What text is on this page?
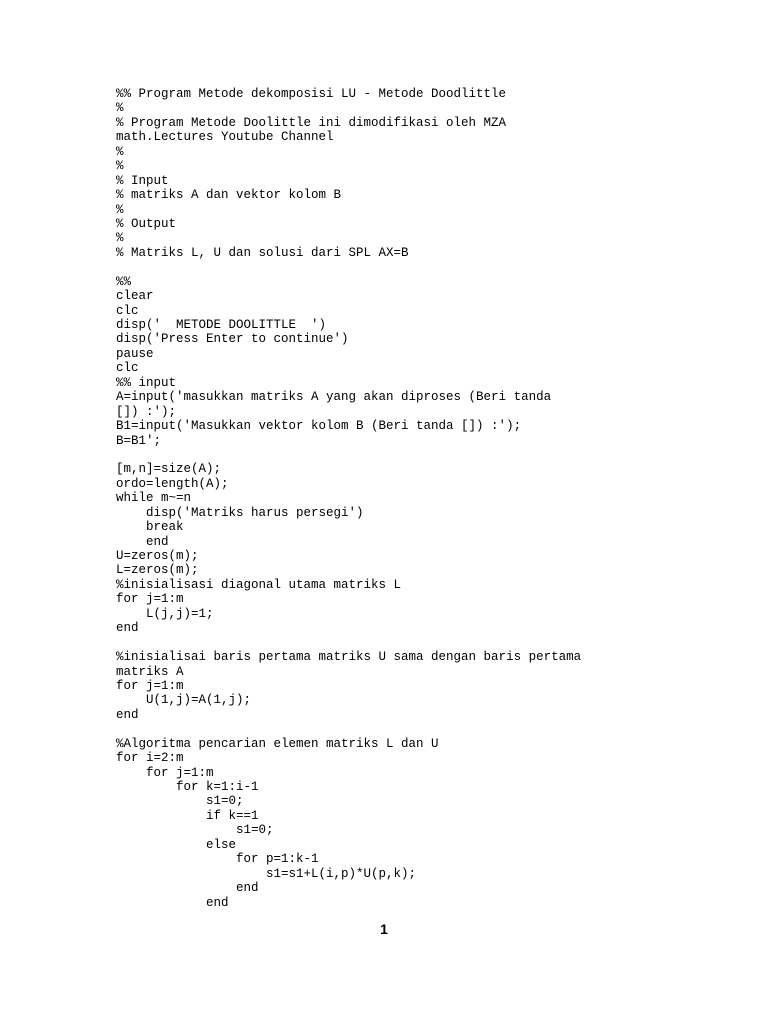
%% Program Metode dekomposisi LU - Metode Doodlittle
%
% Program Metode Doolittle ini dimodifikasi oleh MZA
math.Lectures Youtube Channel
%
%
% Input
% matriks A dan vektor kolom B
%
% Output
%
% Matriks L, U dan solusi dari SPL AX=B
%%
clear
clc
disp('  METODE DOOLITTLE  ')
disp('Press Enter to continue')
pause
clc
%% input
A=input('masukkan matriks A yang akan diproses (Beri tanda
[]) :');
B1=input('Masukkan vektor kolom B (Beri tanda []) :');
B=B1';
[m,n]=size(A);
ordo=length(A);
while m~=n
disp('Matriks harus persegi')
break
end
U=zeros(m);
L=zeros(m);
%inisialisasi diagonal utama matriks L
for j=1:m
L(j,j)=1;
end
%inisialisai baris pertama matriks U sama dengan baris pertama
matriks A
for j=1:m
U(1,j)=A(1,j);
end
%Algoritma pencarian elemen matriks L dan U
for i=2:m
for j=1:m
for k=1:i-1
s1=0;
if k==1
s1=0;
else
for p=1:k-1
s1=s1+L(i,p)*U(p,k);
end
end
1
